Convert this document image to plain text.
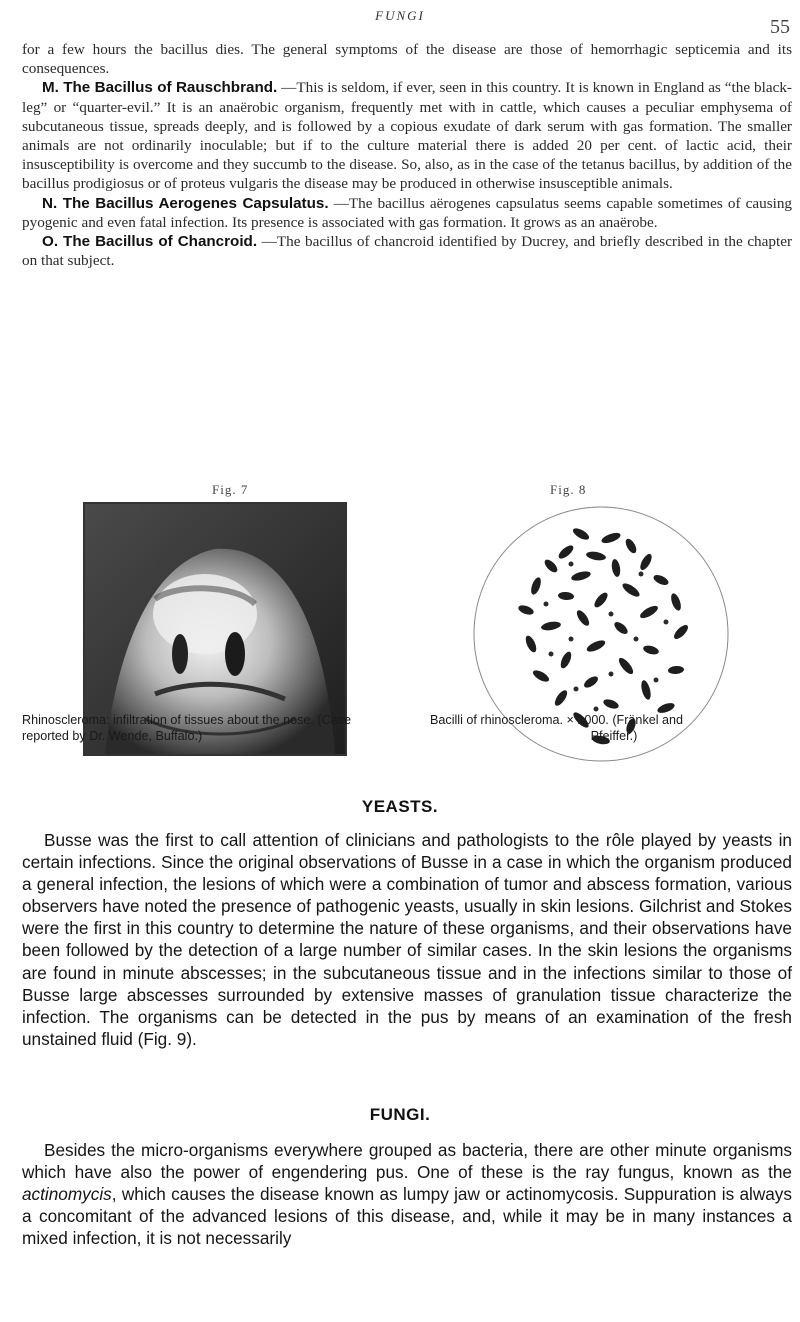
FUNGI
55

for a few hours the bacillus dies. The general symptoms of the disease are those of hemorrhagic septicemia and its consequences.

M. The Bacillus of Rauschbrand. —This is seldom, if ever, seen in this country. It is known in England as “the black-leg” or “quarter-evil.” It is an anaërobic organism, frequently met with in cattle, which causes a peculiar emphysema of subcutaneous tissue, spreads deeply, and is followed by a copious exudate of dark serum with gas formation. The smaller animals are not ordinarily inoculable; but if to the culture material there is added 20 per cent. of lactic acid, their insusceptibility is overcome and they succumb to the disease. So, also, as in the case of the tetanus bacillus, by addition of the bacillus prodigiosus or of proteus vulgaris the disease may be produced in otherwise insusceptible animals.

N. The Bacillus Aerogenes Capsulatus. —The bacillus aërogenes capsulatus seems capable sometimes of causing pyogenic and even fatal infection. Its presence is associated with gas formation. It grows as an anaërobe.

O. The Bacillus of Chancroid. —The bacillus of chancroid identified by Ducrey, and briefly described in the chapter on that subject.

Fig. 7	Fig. 8
Rhinoscleroma: infiltration of tissues about the nose. (Case reported by Dr. Wende, Buffalo.)
Bacilli of rhinoscleroma. × 1000. (Fränkel and
Pfeiffer.)
YEASTS.

Busse was the first to call attention of clinicians and pathologists to the rôle played by yeasts in certain infections. Since the original observations of Busse in a case in which the organism produced a general infection, the lesions of which were a combination of tumor and abscess formation, various observers have noted the presence of pathogenic yeasts, usually in skin lesions. Gilchrist and Stokes were the first in this country to determine the nature of these organisms, and their observations have been followed by the detection of a large number of similar cases. In the skin lesions the organisms are found in minute abscesses; in the subcutaneous tissue and in the infections similar to those of Busse large abscesses surrounded by extensive masses of granulation tissue characterize the infection. The organisms can be detected in the pus by means of an examination of the fresh unstained fluid (Fig. 9).

FUNGI.

Besides the micro-organisms everywhere grouped as bacteria, there are other minute organisms which have also the power of engendering pus. One of these is the ray fungus, known as the actinomycis, which causes the disease known as lumpy jaw or actinomycosis. Suppuration is always a concomitant of the advanced lesions of this disease, and, while it may be in many instances a mixed infection, it is not necessarily
